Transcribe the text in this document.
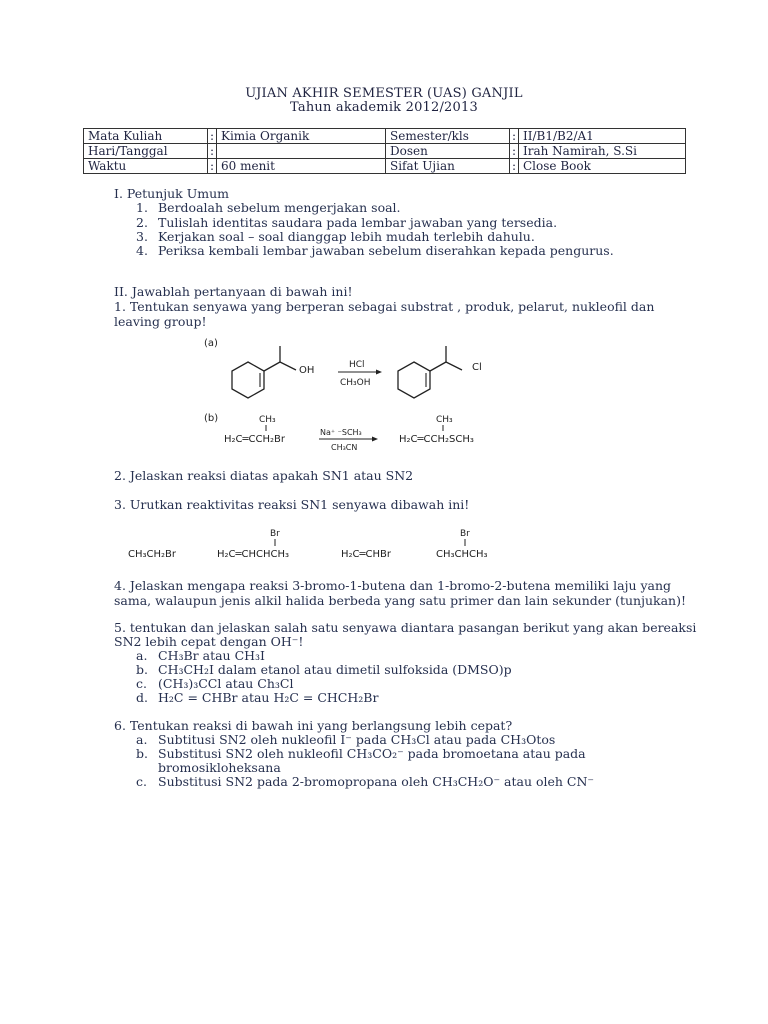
UJIAN AKHIR SEMESTER (UAS) GANJIL
Tahun akademik 2012/2013
Mata Kuliah	:	Kimia Organik	Semester/kls	:	II/B1/B2/A1
Hari/Tanggal	:		Dosen	:	Irah Namirah, S.Si
Waktu	:	60 menit	Sifat Ujian	:	Close Book
I. Petunjuk Umum
1. Berdoalah sebelum mengerjakan soal.
2. Tulislah identitas saudara pada lembar jawaban yang tersedia.
3. Kerjakan soal – soal dianggap lebih mudah terlebih dahulu.
4. Periksa kembali lembar jawaban sebelum diserahkan kepada pengurus.
II. Jawablah pertanyaan di bawah ini!
1. Tentukan senyawa yang berperan sebagai substrat , produk, pelarut, nukleofil dan
leaving group!
(a)
OH	HCl
CH₃OH
Cl
(b)	CH₃
H₂C═CCH₂Br
Na⁺ ⁻SCH₃
CH₃CN
CH₃
H₂C═CCH₂SCH₃
2. Jelaskan reaksi diatas apakah SN1 atau SN2
3. Urutkan reaktivitas reaksi SN1 senyawa dibawah ini!
CH₃CH₂Br
Br
H₂C═CHCHCH₃	H₂C═CHBr
Br
CH₃CHCH₃
4. Jelaskan mengapa reaksi 3-bromo-1-butena dan 1-bromo-2-butena memiliki laju yang
sama, walaupun jenis alkil halida berbeda yang satu primer dan lain sekunder (tunjukan)!
5. tentukan dan jelaskan salah satu senyawa diantara pasangan berikut yang akan bereaksi
SN2 lebih cepat dengan OH⁻!
a. CH₃Br atau CH₃I
b. CH₃CH₂I dalam etanol atau dimetil sulfoksida (DMSO)p
c. (CH₃)₃CCl atau Ch₃Cl
d. H₂C = CHBr atau H₂C = CHCH₂Br
6. Tentukan reaksi di bawah ini yang berlangsung lebih cepat?
a. Subtitusi SN2 oleh nukleofil I⁻ pada CH₃Cl atau pada CH₃Otos
b. Substitusi SN2 oleh nukleofil CH₃CO₂⁻ pada bromoetana atau pada
bromosikloheksana
c. Substitusi SN2 pada 2-bromopropana oleh CH₃CH₂O⁻ atau oleh CN⁻
